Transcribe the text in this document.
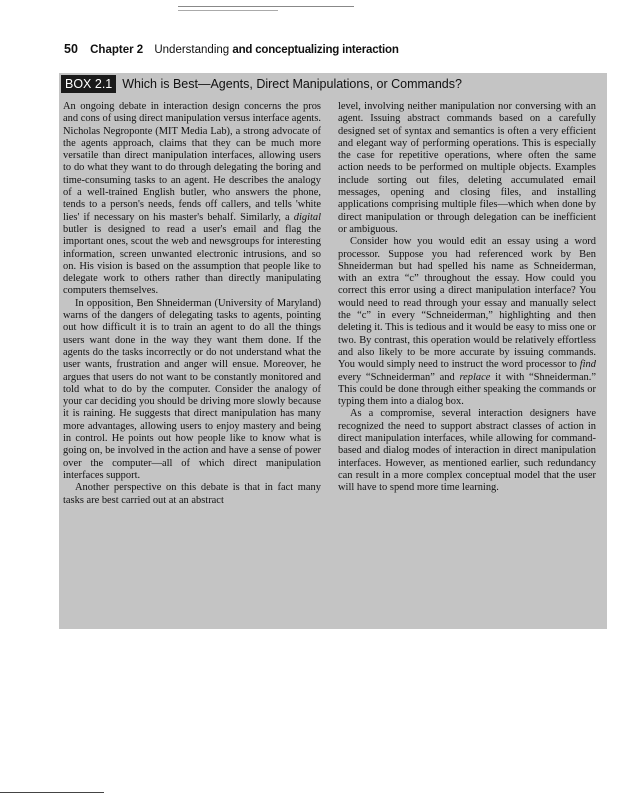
50 Chapter 2 Understanding and conceptualizing interaction
BOX 2.1 Which is Best—Agents, Direct Manipulations, or Commands?

An ongoing debate in interaction design concerns the pros and cons of using direct manipulation versus interface agents. Nicholas Negroponte (MIT Media Lab), a strong advocate of the agents approach, claims that they can be much more versatile than direct manipulation interfaces, allowing users to do what they want to do through delegating the boring and time-consuming tasks to an agent. He describes the analogy of a well-trained English butler, who answers the phone, tends to a person's needs, fends off callers, and tells 'white lies' if necessary on his master's behalf. Similarly, a digital butler is designed to read a user's email and flag the important ones, scout the web and newsgroups for interesting information, screen unwanted electronic intrusions, and so on. His vision is based on the assumption that people like to delegate work to others rather than directly manipulating computers themselves.

In opposition, Ben Shneiderman (University of Maryland) warns of the dangers of delegating tasks to agents, pointing out how difficult it is to train an agent to do all the things users want done in the way they want them done. If the agents do the tasks incorrectly or do not understand what the user wants, frustration and anger will ensue. Moreover, he argues that users do not want to be constantly monitored and told what to do by the computer. Consider the analogy of your car deciding you should be driving more slowly because it is raining. He suggests that direct manipulation has many more advantages, allowing users to enjoy mastery and being in control. He points out how people like to know what is going on, be involved in the action and have a sense of power over the computer—all of which direct manipulation interfaces support.

Another perspective on this debate is that in fact many tasks are best carried out at an abstract

level, involving neither manipulation nor conversing with an agent. Issuing abstract commands based on a carefully designed set of syntax and semantics is often a very efficient and elegant way of performing operations. This is especially the case for repetitive operations, where often the same action needs to be performed on multiple objects. Examples include sorting out files, deleting accumulated email messages, opening and closing files, and installing applications comprising multiple files—which when done by direct manipulation or through delegation can be inefficient or ambiguous.

Consider how you would edit an essay using a word processor. Suppose you had referenced work by Ben Shneiderman but had spelled his name as Schneiderman, with an extra “c” throughout the essay. How could you correct this error using a direct manipulation interface? You would need to read through your essay and manually select the “c” in every “Schneiderman,” highlighting and then deleting it. This is tedious and it would be easy to miss one or two. By contrast, this operation would be relatively effortless and also likely to be more accurate by issuing commands. You would simply need to instruct the word processor to find every “Schneiderman” and replace it with “Shneiderman.” This could be done through either speaking the commands or typing them into a dialog box.

As a compromise, several interaction designers have recognized the need to support abstract classes of action in direct manipulation interfaces, while allowing for command-based and dialog modes of interaction in direct manipulation interfaces. However, as mentioned earlier, such redundancy can result in a more complex conceptual model that the user will have to spend more time learning.
